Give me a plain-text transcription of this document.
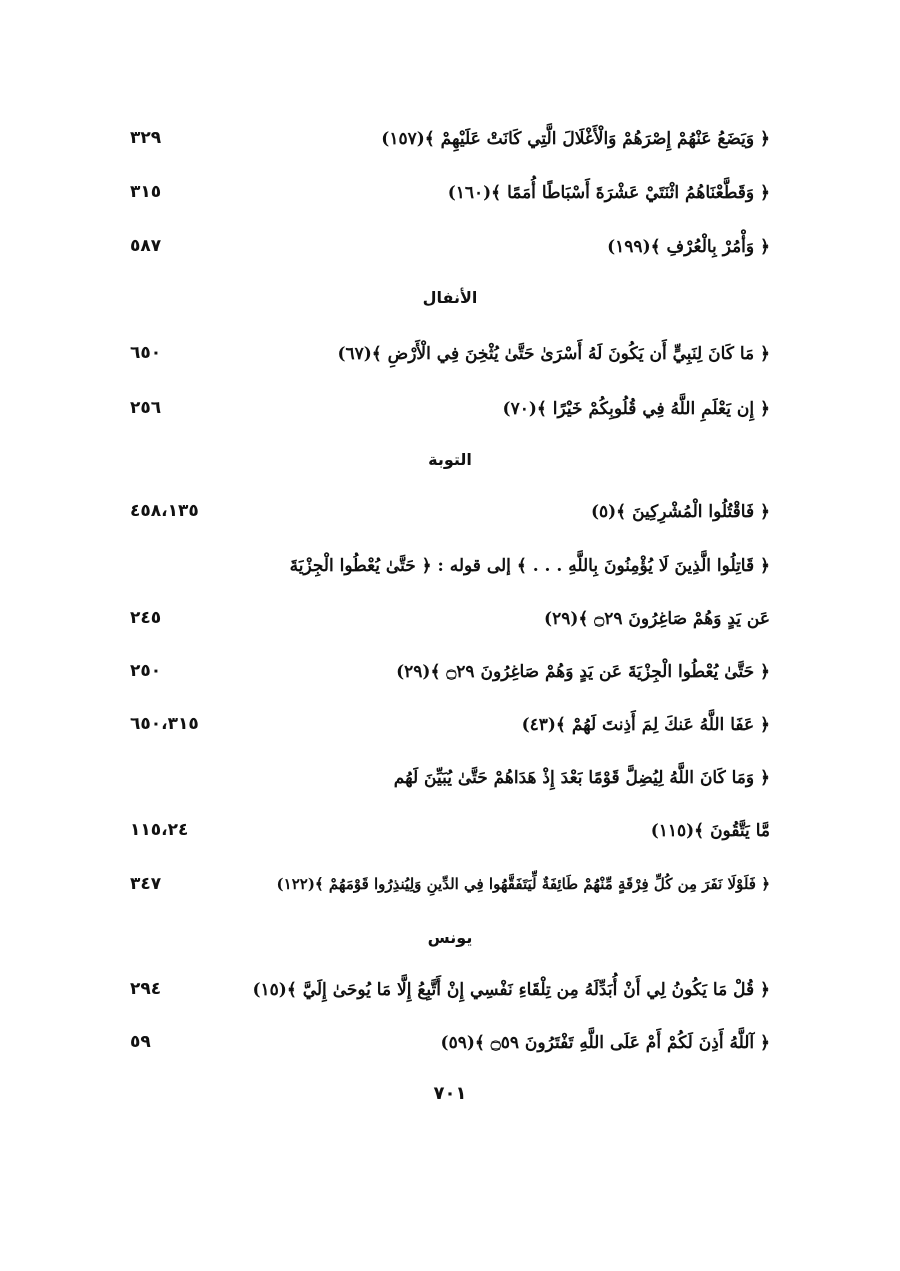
﴿ وَيَضَعُ عَنْهُمْ إِصْرَهُمْ وَالْأَغْلَالَ الَّتِي كَانَتْ عَلَيْهِمْ ﴾(١٥٧)
٣٢٩
﴿ وَقَطَّعْنَاهُمُ اثْنَتَيْ عَشْرَةَ أَسْبَاطًا أُمَمًا ﴾(١٦٠)
٣١٥
﴿ وَأْمُرْ بِالْعُرْفِ ﴾(١٩٩)
٥٨٧
الأنفال
﴿ مَا كَانَ لِنَبِيٍّ أَن يَكُونَ لَهُ أَسْرَىٰ حَتَّىٰ يُثْخِنَ فِي الْأَرْضِ ﴾(٦٧)
٦٥٠
﴿ إِن يَعْلَمِ اللَّهُ فِي قُلُوبِكُمْ خَيْرًا ﴾(٧٠)
٢٥٦
التوبة
﴿ فَاقْتُلُوا الْمُشْرِكِينَ ﴾(٥)
٤٥٨،١٣٥
﴿ قَاتِلُوا الَّذِينَ لَا يُؤْمِنُونَ بِاللَّهِ . . . ﴾ إلى قوله : ﴿ حَتَّىٰ يُعْطُوا الْجِزْيَةَ
عَن يَدٍ وَهُمْ صَاغِرُونَ ۝٢٩ ﴾(٢٩)
٢٤٥
﴿ حَتَّىٰ يُعْطُوا الْجِزْيَةَ عَن يَدٍ وَهُمْ صَاغِرُونَ ۝٢٩ ﴾(٢٩)
٢٥٠
﴿ عَفَا اللَّهُ عَنكَ لِمَ أَذِنتَ لَهُمْ ﴾(٤٣)
٦٥٠،٣١٥
﴿ وَمَا كَانَ اللَّهُ لِيُضِلَّ قَوْمًا بَعْدَ إِذْ هَدَاهُمْ حَتَّىٰ يُبَيِّنَ لَهُم
مَّا يَتَّقُونَ ﴾(١١٥)
١١٥،٢٤
﴿ فَلَوْلَا نَفَرَ مِن كُلِّ فِرْقَةٍ مِّنْهُمْ طَائِفَةٌ لِّيَتَفَقَّهُوا فِي الدِّينِ وَلِيُنذِرُوا قَوْمَهُمْ ﴾(١٢٢)
٣٤٧
يونس
﴿ قُلْ مَا يَكُونُ لِي أَنْ أُبَدِّلَهُ مِن تِلْقَاءِ نَفْسِي إِنْ أَتَّبِعُ إِلَّا مَا يُوحَىٰ إِلَيَّ ﴾(١٥)
٢٩٤
﴿ آللَّهُ أَذِنَ لَكُمْ أَمْ عَلَى اللَّهِ تَفْتَرُونَ ۝٥٩ ﴾(٥٩)
٥٩
٧٠١
